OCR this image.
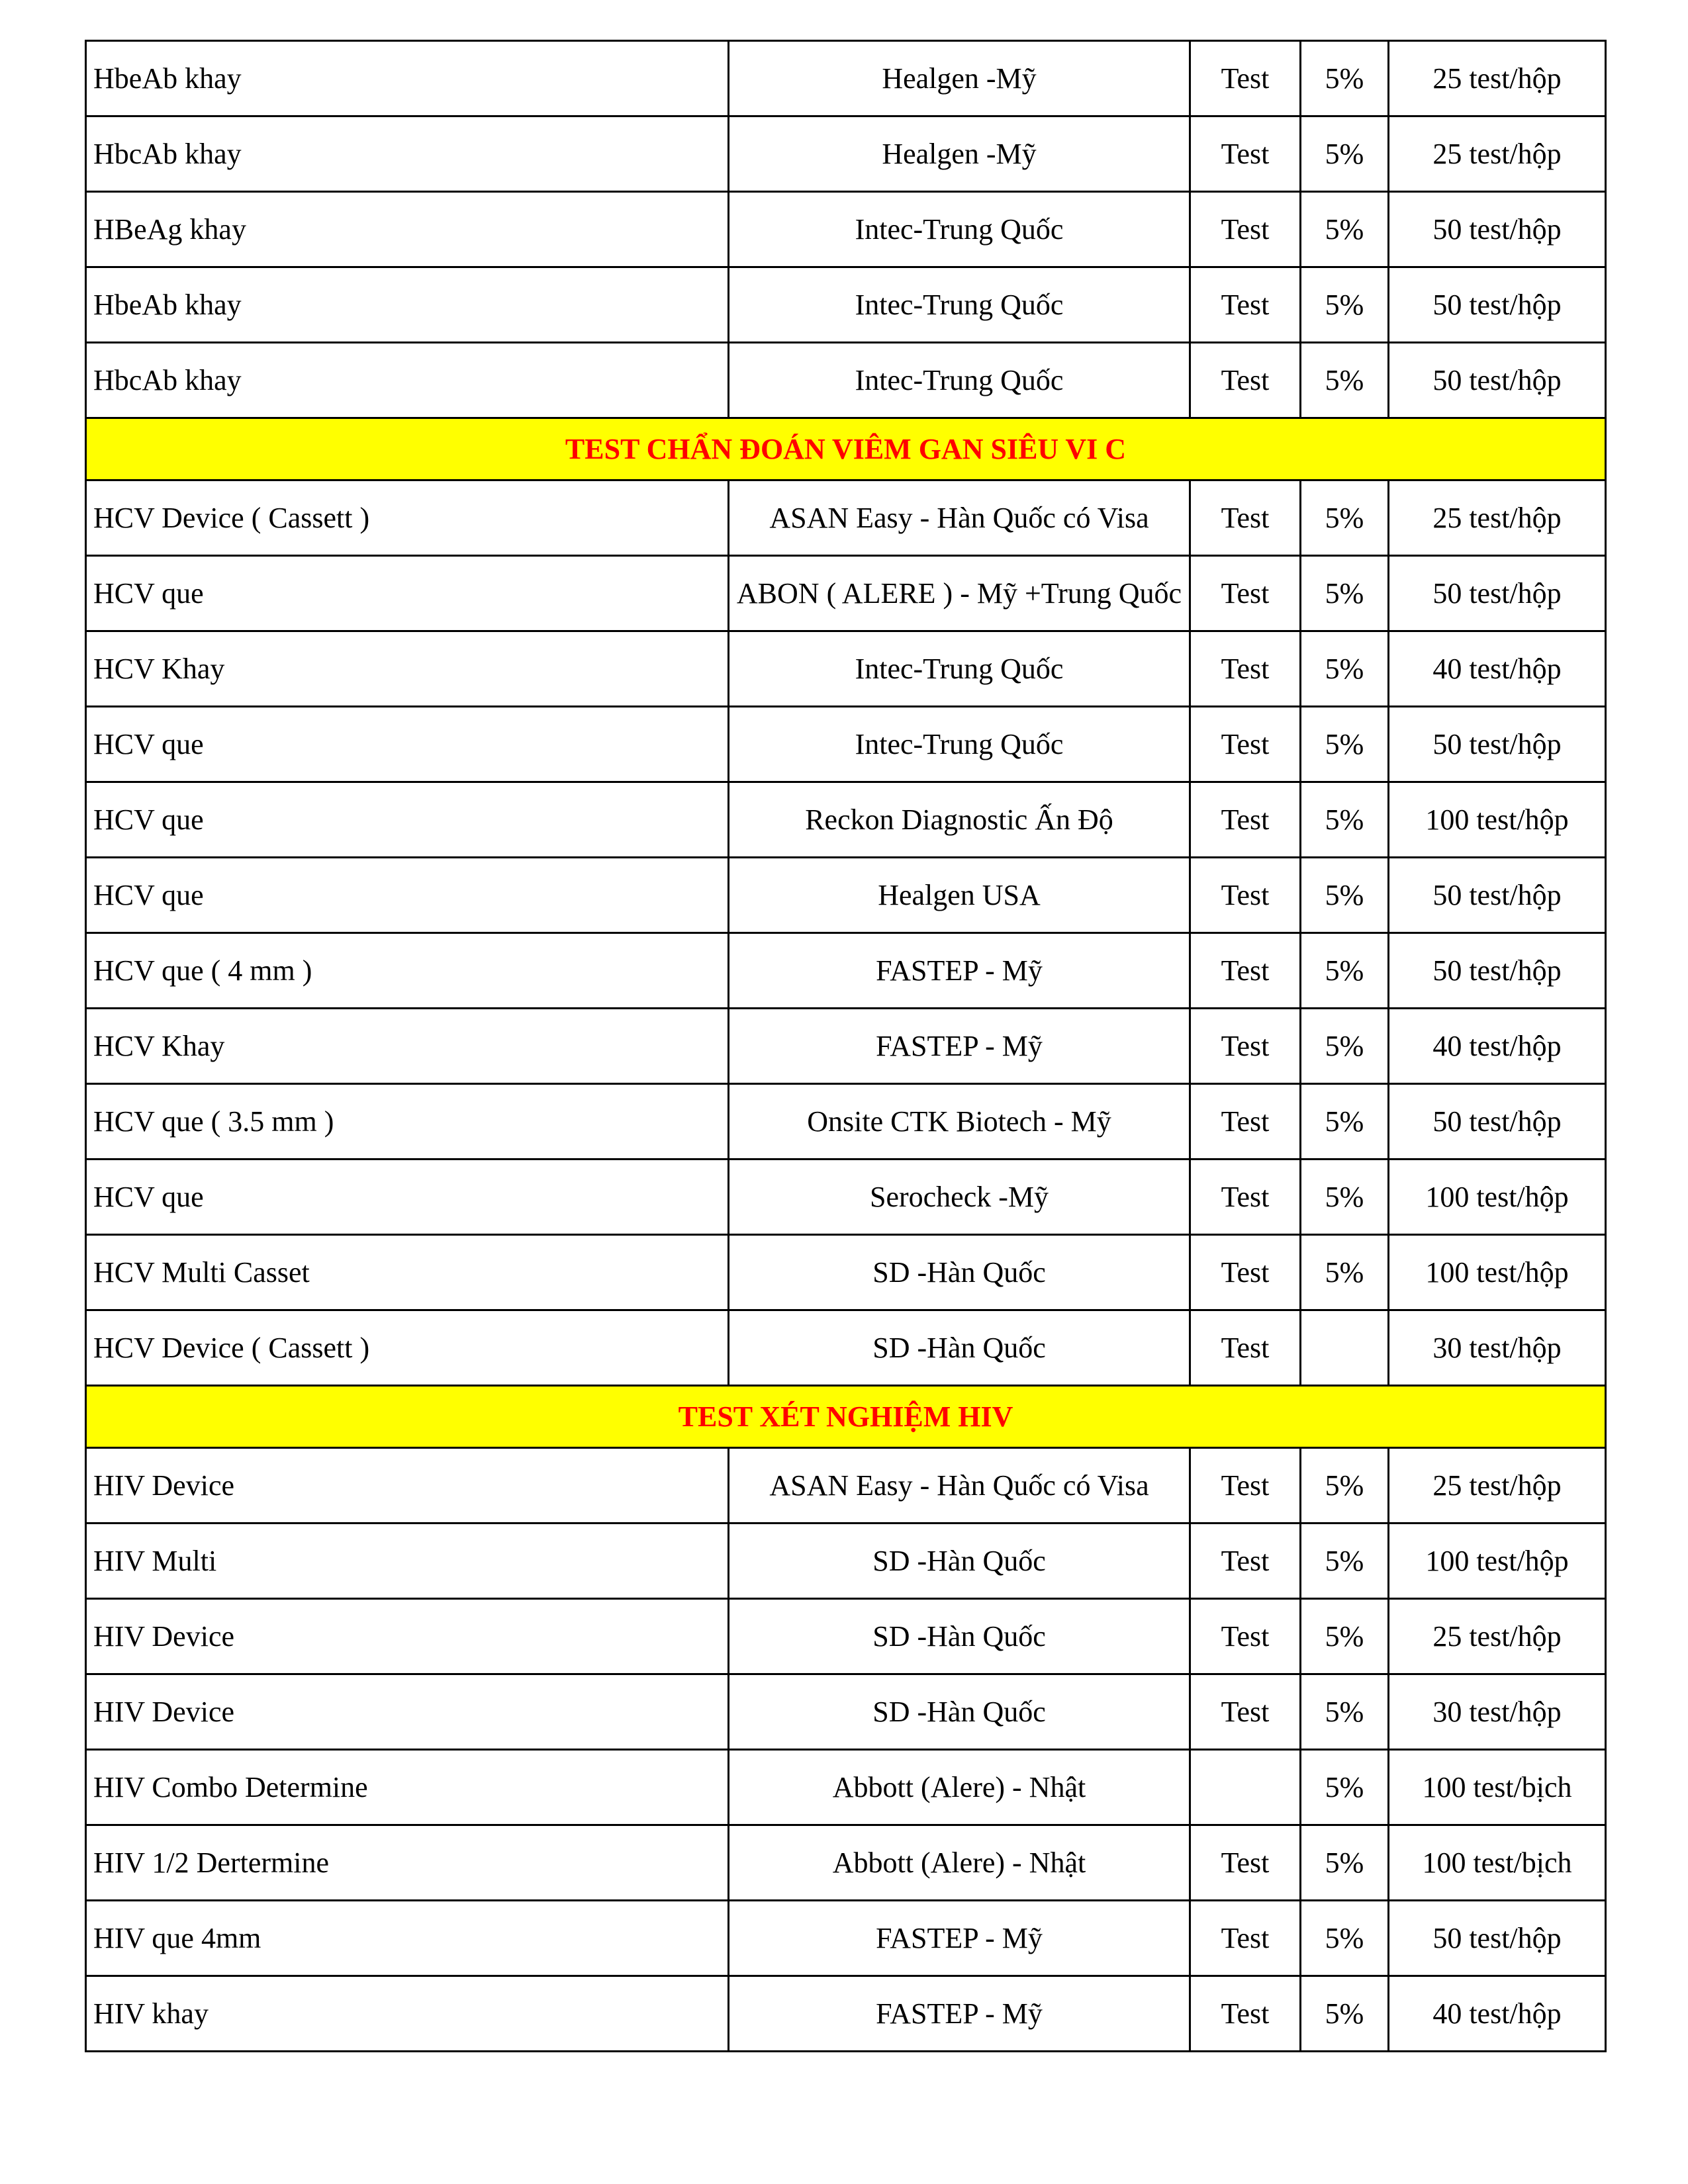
HbeAb khay	Healgen -Mỹ	Test	5%	25 test/hộp
HbcAb khay	Healgen -Mỹ	Test	5%	25 test/hộp
HBeAg khay	Intec-Trung Quốc	Test	5%	50 test/hộp
HbeAb khay	Intec-Trung Quốc	Test	5%	50 test/hộp
HbcAb khay	Intec-Trung Quốc	Test	5%	50 test/hộp
TEST CHẨN ĐOÁN VIÊM GAN SIÊU VI C				
HCV Device ( Cassett )	ASAN Easy - Hàn Quốc có Visa	Test	5%	25 test/hộp
HCV que	ABON ( ALERE ) - Mỹ +Trung Quốc	Test	5%	50 test/hộp
HCV Khay	Intec-Trung Quốc	Test	5%	40 test/hộp
HCV que	Intec-Trung Quốc	Test	5%	50 test/hộp
HCV que	Reckon Diagnostic Ấn Độ	Test	5%	100 test/hộp
HCV que	Healgen USA	Test	5%	50 test/hộp
HCV que ( 4 mm )	FASTEP - Mỹ	Test	5%	50 test/hộp
HCV Khay	FASTEP - Mỹ	Test	5%	40 test/hộp
HCV que ( 3.5 mm )	Onsite CTK Biotech - Mỹ	Test	5%	50 test/hộp
HCV que	Serocheck -Mỹ	Test	5%	100 test/hộp
HCV Multi Casset	SD -Hàn Quốc	Test	5%	100 test/hộp
HCV Device ( Cassett )	SD -Hàn Quốc	Test		30 test/hộp
TEST XÉT NGHIỆM HIV				
HIV Device	ASAN Easy - Hàn Quốc có Visa	Test	5%	25 test/hộp
HIV Multi	SD -Hàn Quốc	Test	5%	100 test/hộp
HIV Device	SD -Hàn Quốc	Test	5%	25 test/hộp
HIV Device	SD -Hàn Quốc	Test	5%	30 test/hộp
HIV Combo Determine	Abbott (Alere) - Nhật		5%	100 test/bịch
HIV 1/2 Dertermine	Abbott (Alere) - Nhật	Test	5%	100 test/bịch
HIV que 4mm	FASTEP - Mỹ	Test	5%	50 test/hộp
HIV khay	FASTEP - Mỹ	Test	5%	40 test/hộp
